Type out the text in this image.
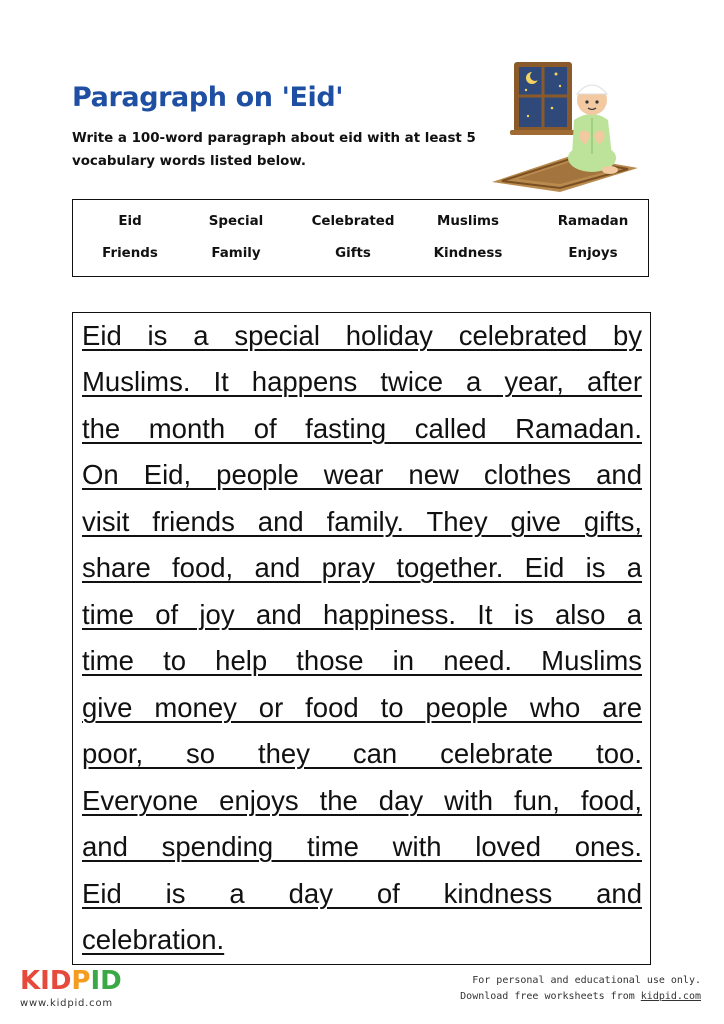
Paragraph on 'Eid'
Write a 100-word paragraph about eid with at least 5
vocabulary words listed below.
Eid	Special	Celebrated	Muslims	Ramadan
Friends	Family	Gifts	Kindness	Enjoys
Eid is a special holiday celebrated by
Muslims. It happens twice a year, after
the month of fasting called Ramadan.
On Eid, people wear new clothes and
visit friends and family. They give gifts,
share food, and pray together. Eid is a
time of joy and happiness. It is also a
time to help those in need. Muslims
give money or food to people who are
poor, so they can celebrate too.
Everyone enjoys the day with fun, food,
and spending time with loved ones.
Eid is a day of kindness and
celebration.
KIDPID
www.kidpid.com
For personal and educational use only.
Download free worksheets from kidpid.com
